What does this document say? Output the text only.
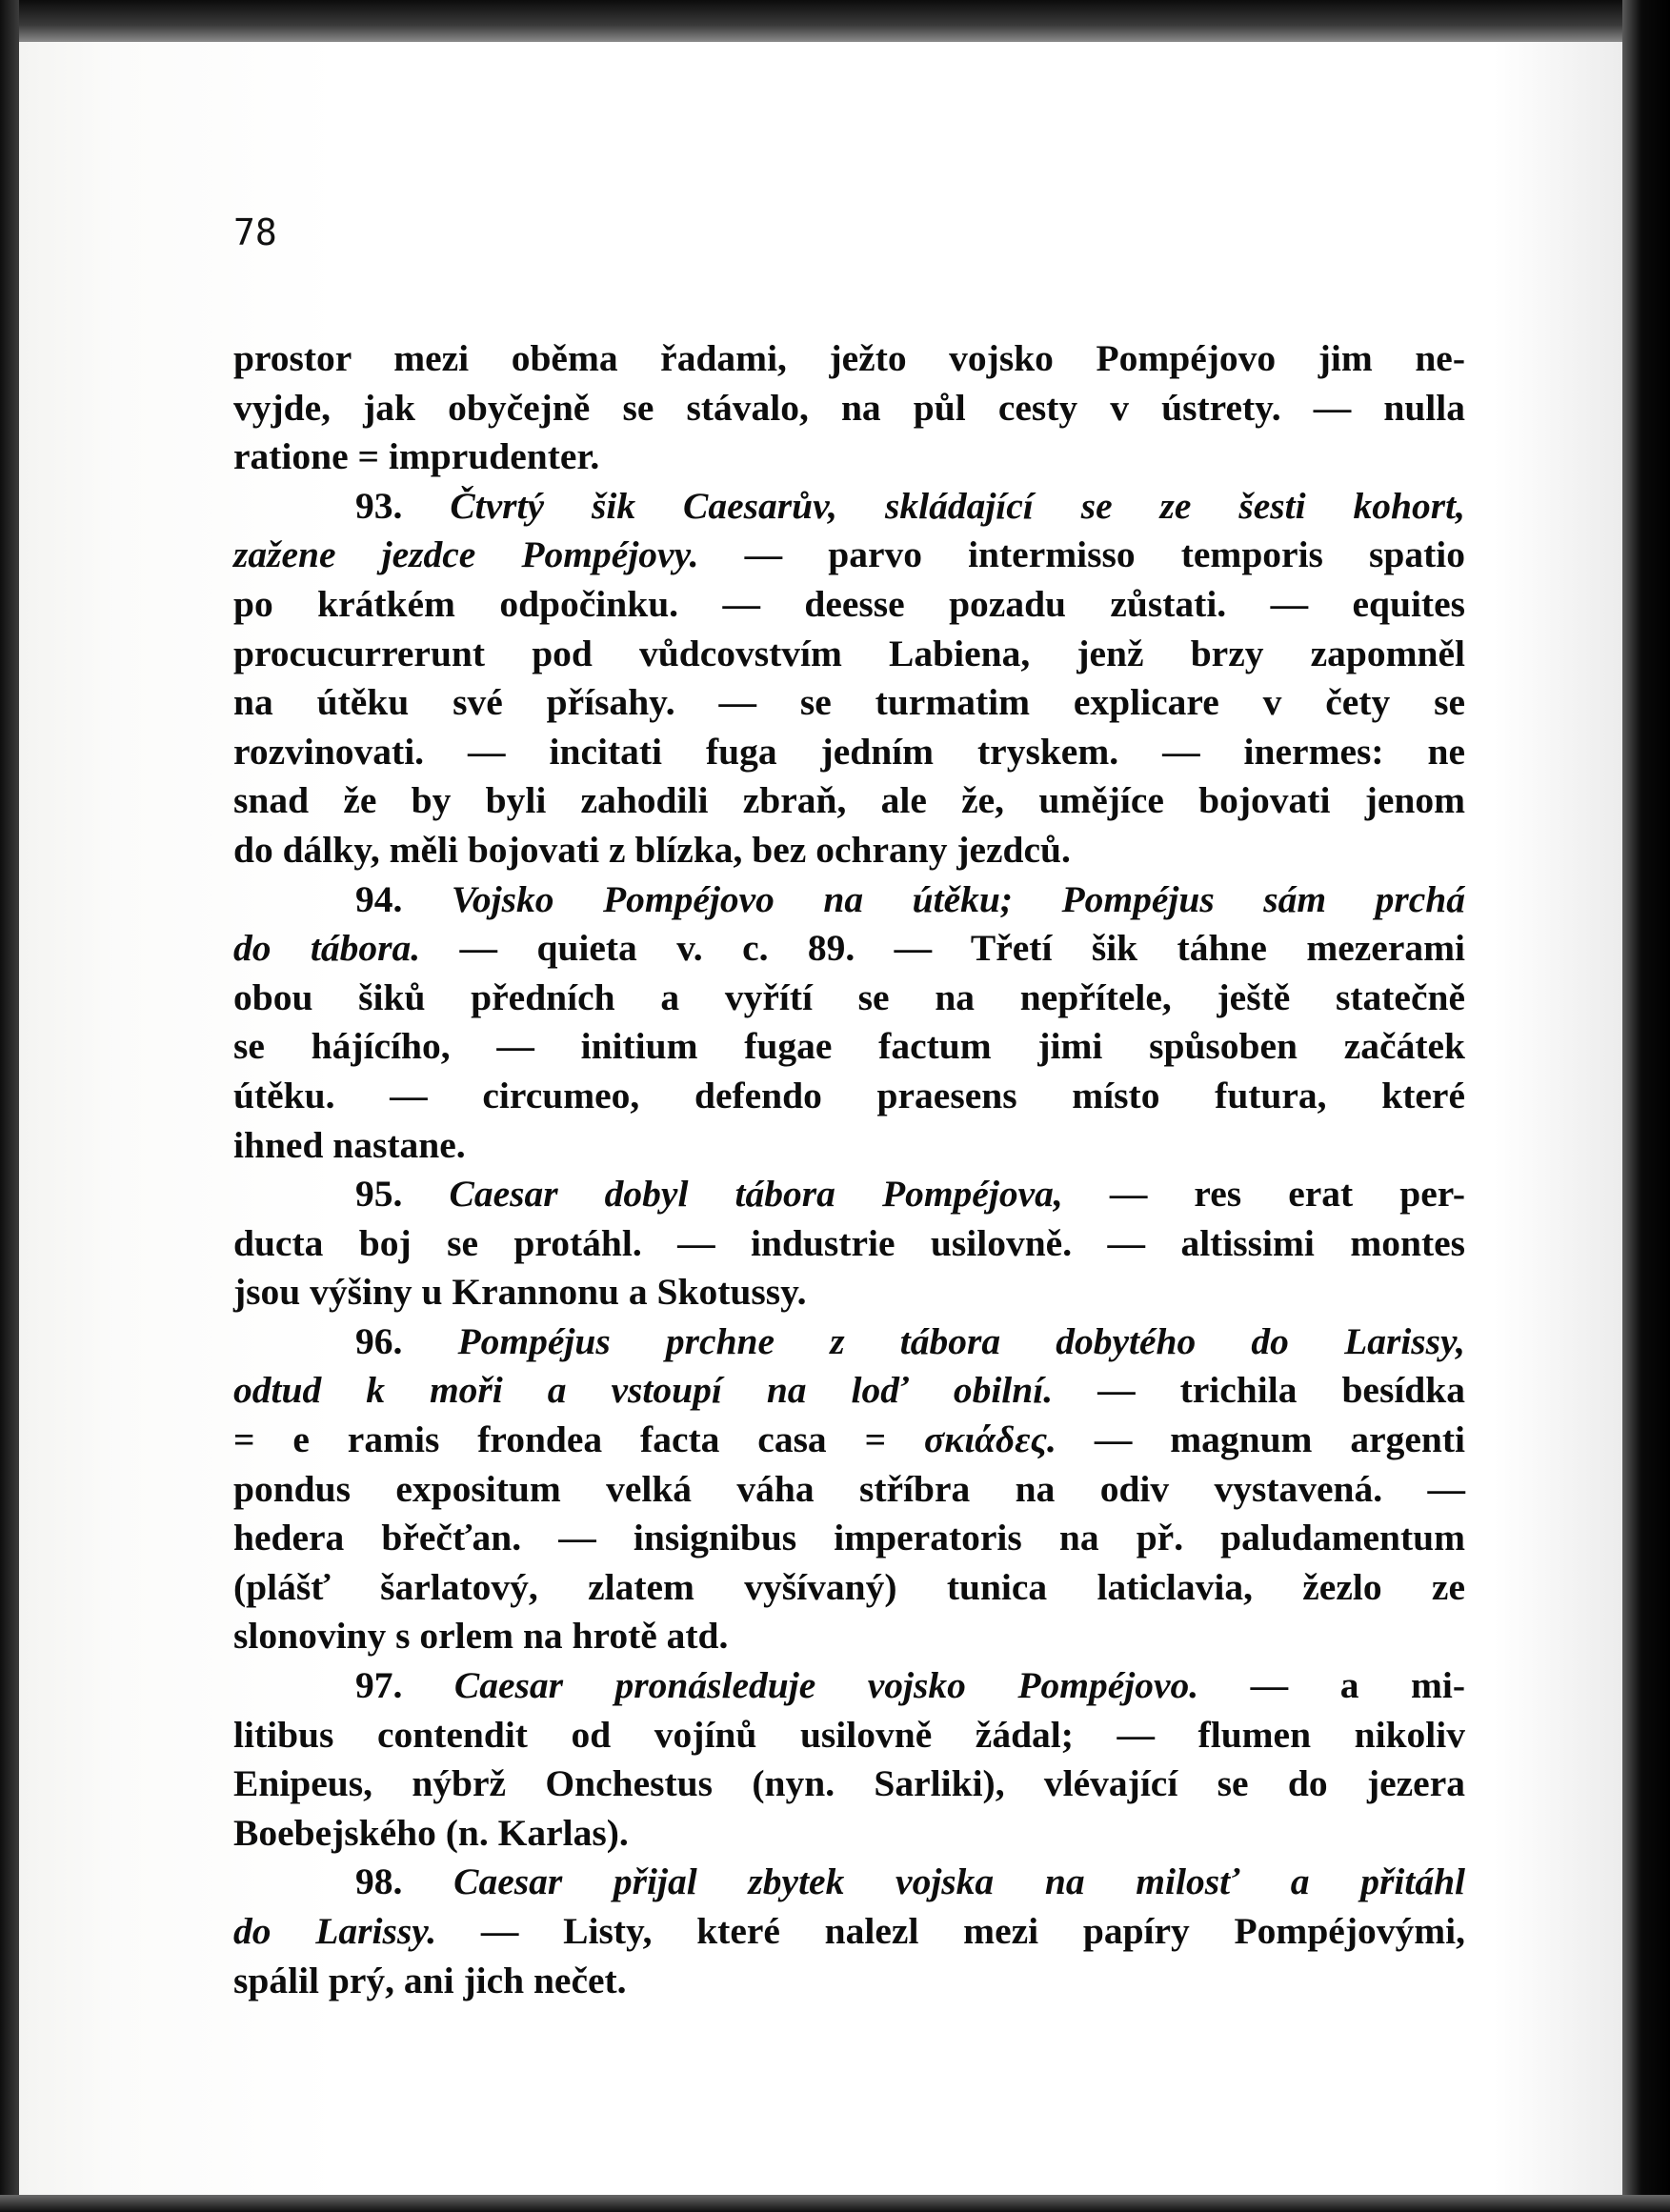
78
prostor mezi oběma řadami, ježto vojsko Pompéjovo jim ne-
vyjde, jak obyčejně se stávalo, na půl cesty v ústrety. — nulla
ratione = imprudenter.
93. Čtvrtý šik Caesarův, skládající se ze šesti kohort,
zažene jezdce Pompéjovy. — parvo intermisso temporis spatio
po krátkém odpočinku. — deesse pozadu zůstati. — equites
procucurrerunt pod vůdcovstvím Labiena, jenž brzy zapomněl
na útěku své přísahy. — se turmatim explicare v čety se
rozvinovati. — incitati fuga jedním tryskem. — inermes: ne
snad že by byli zahodili zbraň, ale že, umějíce bojovati jenom
do dálky, měli bojovati z blízka, bez ochrany jezdců.
94. Vojsko Pompéjovo na útěku; Pompéjus sám prchá
do tábora. — quieta v. c. 89. — Třetí šik táhne mezerami
obou šiků předních a vyřítí se na nepřítele, ještě statečně
se hájícího, — initium fugae factum jimi spůsoben začátek
útěku. — circumeo, defendo praesens místo futura, které
ihned nastane.
95. Caesar dobyl tábora Pompéjova, — res erat per-
ducta boj se protáhl. — industrie usilovně. — altissimi montes
jsou výšiny u Krannonu a Skotussy.
96. Pompéjus prchne z tábora dobytého do Larissy,
odtud k moři a vstoupí na loď obilní. — trichila besídka
= e ramis frondea facta casa = σκιάδες. — magnum argenti
pondus expositum velká váha stříbra na odiv vystavená. —
hedera břečťan. — insignibus imperatoris na př. paludamentum
(plášť šarlatový, zlatem vyšívaný) tunica laticlavia, žezlo ze
slonoviny s orlem na hrotě atd.
97. Caesar pronásleduje vojsko Pompéjovo. — a mi-
litibus contendit od vojínů usilovně žádal; — flumen nikoliv
Enipeus, nýbrž Onchestus (nyn. Sarliki), vlévající se do jezera
Boebejského (n. Karlas).
98. Caesar přijal zbytek vojska na milosť a přitáhl
do Larissy. — Listy, které nalezl mezi papíry Pompéjovými,
spálil prý, ani jich nečet.
